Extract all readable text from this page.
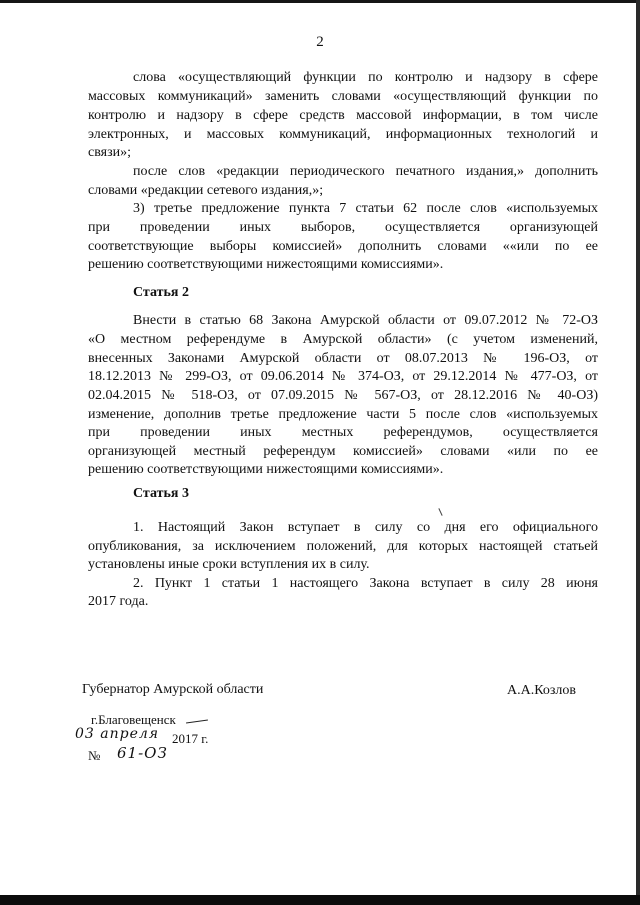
2
слова «осуществляющий функции по контролю и надзору в сфере
массовых коммуникаций» заменить словами «осуществляющий функции по
контролю и надзору в сфере средств массовой информации, в том числе
электронных, и массовых коммуникаций, информационных технологий и
связи»;
после слов «редакции периодического печатного издания,» дополнить
словами «редакции сетевого издания,»;
3) третье предложение пункта 7 статьи 62 после слов «используемых
при проведении иных выборов, осуществляется организующей
соответствующие выборы комиссией» дополнить словами ««или по ее
решению соответствующими нижестоящими комиссиями».
Статья 2
Внести в статью 68 Закона Амурской области от 09.07.2012 № 72-ОЗ
«О местном референдуме в Амурской области» (с учетом изменений,
внесенных Законами Амурской области от 08.07.2013 № 196-ОЗ, от
18.12.2013 № 299-ОЗ, от 09.06.2014 № 374-ОЗ, от 29.12.2014 № 477-ОЗ, от
02.04.2015 № 518-ОЗ, от 07.09.2015 № 567-ОЗ, от 28.12.2016 № 40-ОЗ)
изменение, дополнив третье предложение части 5 после слов «используемых
при проведении иных местных референдумов, осуществляется
организующей местный референдум комиссией» словами «или по ее
решению соответствующими нижестоящими комиссиями».
Статья 3
1. Настоящий Закон вступает в силу со дня его официального
опубликования, за исключением положений, для которых настоящей статьей
установлены иные сроки вступления их в силу.
2. Пункт 1 статьи 1 настоящего Закона вступает в силу 28 июня
2017 года.
Губернатор Амурской области	А.А.Козлов
г.Благовещенск
03 апреля 2017 г.
№ 61-ОЗ
